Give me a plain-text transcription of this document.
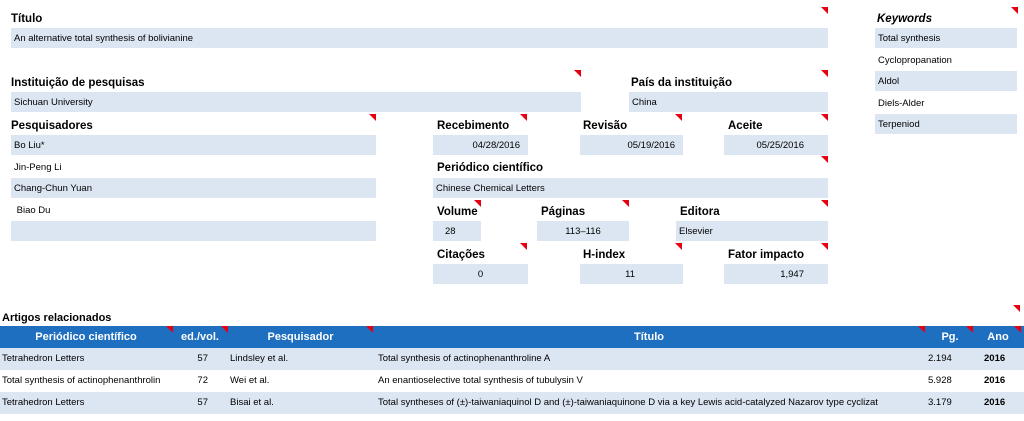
Título
An alternative total synthesis of bolivianine
Keywords
Total synthesis
Cyclopropanation
Aldol
Diels-Alder
Terpeniod
Instituição de pesquisas
Sichuan University
País da instituição
China
Pesquisadores
Bo Liu*
Jin-Peng Li
Chang-Chun Yuan
Biao Du
Recebimento
04/28/2016
Revisão
05/19/2016
Aceite
05/25/2016
Periódico científico
Chinese Chemical Letters
Volume
28
Páginas
113–116
Editora
Elsevier
Citações
0
H-index
11
Fator impacto
1,947
Artigos relacionados
Periódico científico	ed./vol.	Pesquisador	Título	Pg.	Ano
Tetrahedron Letters	57 Lindsley et al.	Total synthesis of actinophenanthroline A	2.194	2016
Total synthesis of actinophenanthrolin	72 Wei et al.	An enantioselective total synthesis of tubulysin V	5.928	2016
Tetrahedron Letters	57 Bisai et al.	Total syntheses of (±)-taiwaniaquinol D and (±)-taiwaniaquinone D via a key Lewis acid-catalyzed Nazarov type cyclizat	3.179	2016
